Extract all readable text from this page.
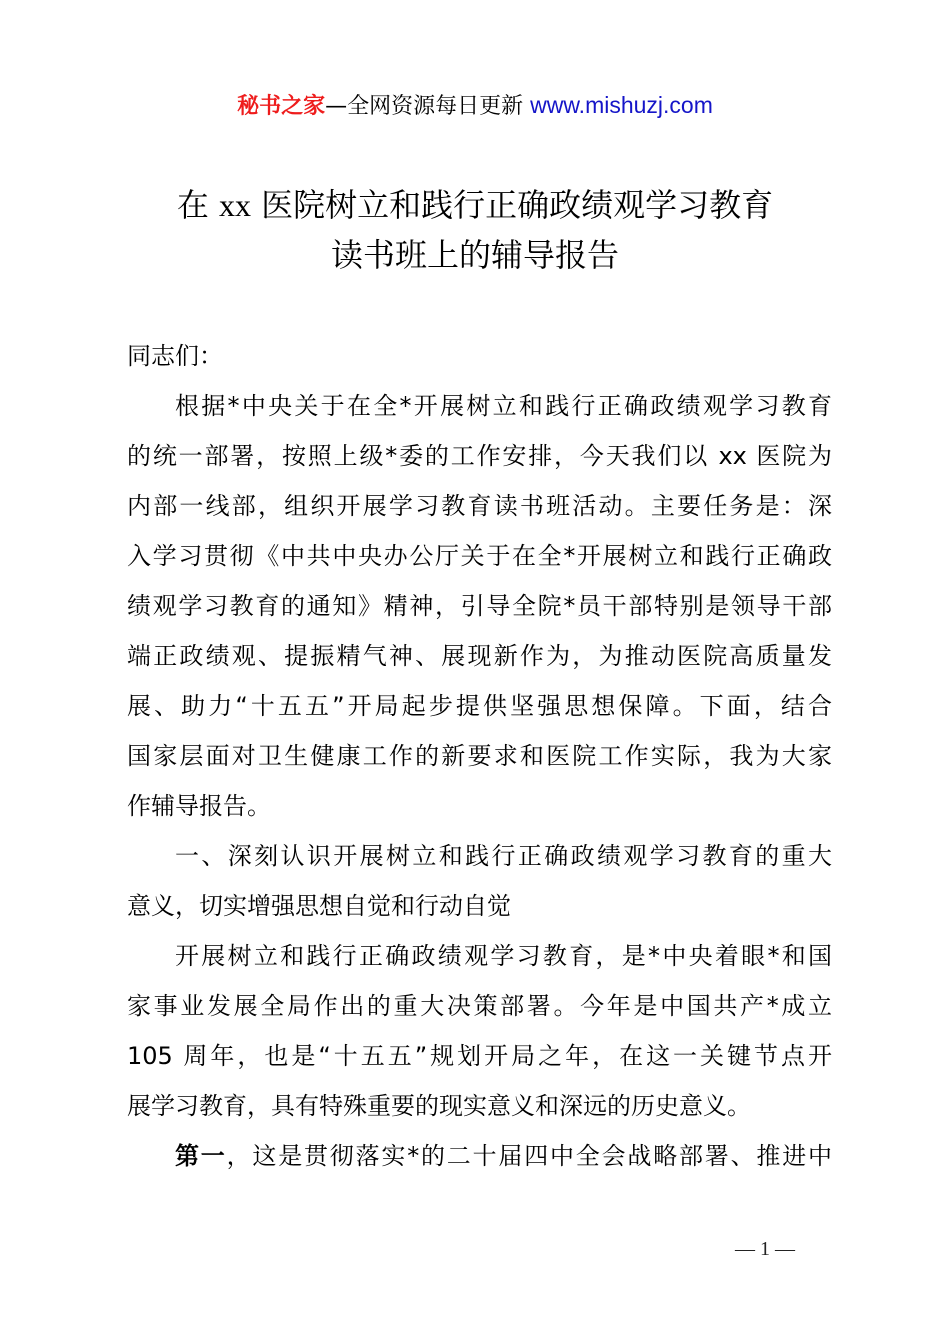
秘书之家—全网资源每日更新 www.mishuzj.com
在 xx 医院树立和践行正确政绩观学习教育
读书班上的辅导报告

同志们：

根据*中央关于在全*开展树立和践行正确政绩观学习教育
的统一部署，按照上级*委的工作安排，今天我们以 xx 医院为
内部一线部，组织开展学习教育读书班活动。主要任务是：深
入学习贯彻《中共中央办公厅关于在全*开展树立和践行正确政
绩观学习教育的通知》精神，引导全院*员干部特别是领导干部
端正政绩观、提振精气神、展现新作为，为推动医院高质量发
展、助力“十五五”开局起步提供坚强思想保障。下面，结合
国家层面对卫生健康工作的新要求和医院工作实际，我为大家
作辅导报告。

一、深刻认识开展树立和践行正确政绩观学习教育的重大
意义，切实增强思想自觉和行动自觉

开展树立和践行正确政绩观学习教育，是*中央着眼*和国
家事业发展全局作出的重大决策部署。今年是中国共产*成立
105 周年，也是“十五五”规划开局之年，在这一关键节点开
展学习教育，具有特殊重要的现实意义和深远的历史意义。

第一，这是贯彻落实*的二十届四中全会战略部署、推进中

— 1 —
